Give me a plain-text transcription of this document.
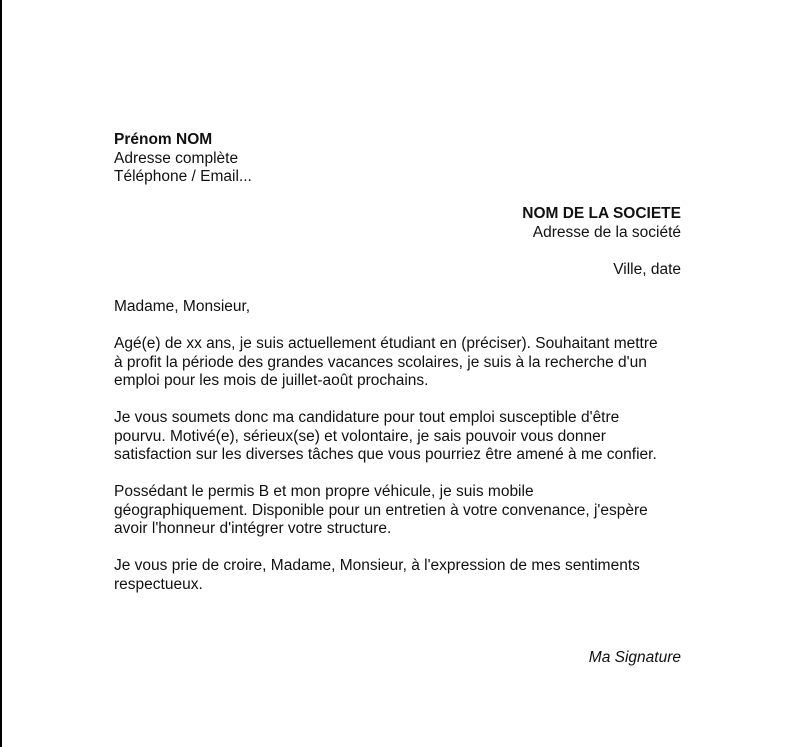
Prénom NOM
Adresse complète
Téléphone / Email...
NOM DE LA SOCIETE
Adresse de la société
Ville, date
Madame, Monsieur,
Agé(e) de xx ans, je suis actuellement étudiant en (préciser). Souhaitant mettre
à profit la période des grandes vacances scolaires, je suis à la recherche d'un
emploi pour les mois de juillet-août prochains.
Je vous soumets donc ma candidature pour tout emploi susceptible d'être
pourvu. Motivé(e), sérieux(se) et volontaire, je sais pouvoir vous donner
satisfaction sur les diverses tâches que vous pourriez être amené à me confier.
Possédant le permis B et mon propre véhicule, je suis mobile
géographiquement. Disponible pour un entretien à votre convenance, j'espère
avoir l'honneur d'intégrer votre structure.
Je vous prie de croire, Madame, Monsieur, à l'expression de mes sentiments
respectueux.
Ma Signature
